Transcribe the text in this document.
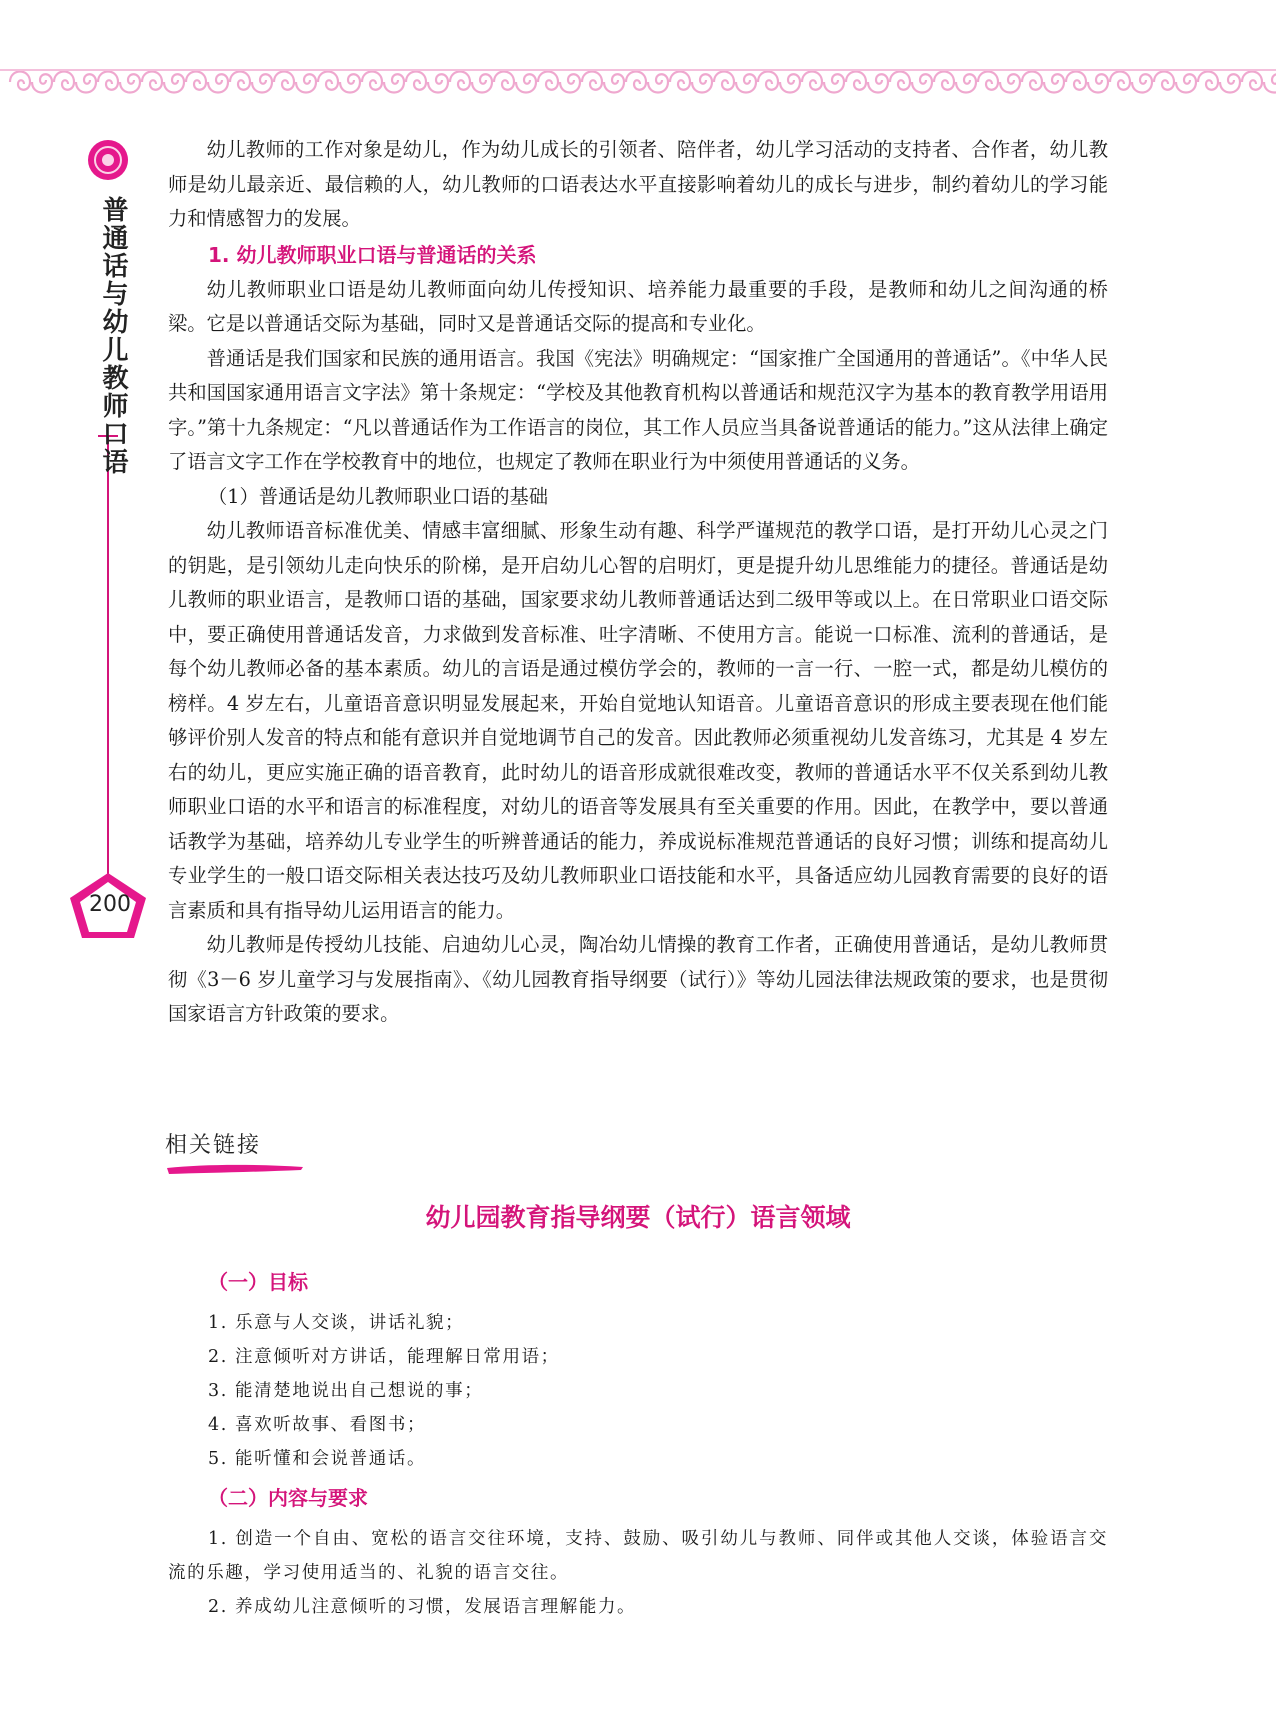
普通话与幼儿教师口语
200

幼儿教师的工作对象是幼儿，作为幼儿成长的引领者、陪伴者，幼儿学习活动的支持者、合作者，幼儿教师是幼儿最亲近、最信赖的人，幼儿教师的口语表达水平直接影响着幼儿的成长与进步，制约着幼儿的学习能力和情感智力的发展。

1. 幼儿教师职业口语与普通话的关系

幼儿教师职业口语是幼儿教师面向幼儿传授知识、培养能力最重要的手段，是教师和幼儿之间沟通的桥梁。它是以普通话交际为基础，同时又是普通话交际的提高和专业化。

普通话是我们国家和民族的通用语言。我国《宪法》明确规定：“国家推广全国通用的普通话”。《中华人民共和国国家通用语言文字法》第十条规定：“学校及其他教育机构以普通话和规范汉字为基本的教育教学用语用字。”第十九条规定：“凡以普通话作为工作语言的岗位，其工作人员应当具备说普通话的能力。”这从法律上确定了语言文字工作在学校教育中的地位，也规定了教师在职业行为中须使用普通话的义务。

（1）普通话是幼儿教师职业口语的基础

幼儿教师语音标准优美、情感丰富细腻、形象生动有趣、科学严谨规范的教学口语，是打开幼儿心灵之门的钥匙，是引领幼儿走向快乐的阶梯，是开启幼儿心智的启明灯，更是提升幼儿思维能力的捷径。普通话是幼儿教师的职业语言，是教师口语的基础，国家要求幼儿教师普通话达到二级甲等或以上。在日常职业口语交际中，要正确使用普通话发音，力求做到发音标准、吐字清晰、不使用方言。能说一口标准、流利的普通话，是每个幼儿教师必备的基本素质。幼儿的言语是通过模仿学会的，教师的一言一行、一腔一式，都是幼儿模仿的榜样。4 岁左右，儿童语音意识明显发展起来，开始自觉地认知语音。儿童语音意识的形成主要表现在他们能够评价别人发音的特点和能有意识并自觉地调节自己的发音。因此教师必须重视幼儿发音练习，尤其是 4 岁左右的幼儿，更应实施正确的语音教育，此时幼儿的语音形成就很难改变，教师的普通话水平不仅关系到幼儿教师职业口语的水平和语言的标准程度，对幼儿的语音等发展具有至关重要的作用。因此，在教学中，要以普通话教学为基础，培养幼儿专业学生的听辨普通话的能力，养成说标准规范普通话的良好习惯；训练和提高幼儿专业学生的一般口语交际相关表达技巧及幼儿教师职业口语技能和水平，具备适应幼儿园教育需要的良好的语言素质和具有指导幼儿运用语言的能力。

幼儿教师是传授幼儿技能、启迪幼儿心灵，陶冶幼儿情操的教育工作者，正确使用普通话，是幼儿教师贯彻《3－6 岁儿童学习与发展指南》、《幼儿园教育指导纲要（试行）》等幼儿园法律法规政策的要求，也是贯彻国家语言方针政策的要求。

相关链接

幼儿园教育指导纲要（试行）语言领域

（一）目标

1. 乐意与人交谈，讲话礼貌；

2. 注意倾听对方讲话，能理解日常用语；

3. 能清楚地说出自己想说的事；

4. 喜欢听故事、看图书；

5. 能听懂和会说普通话。

（二）内容与要求

1. 创造一个自由、宽松的语言交往环境，支持、鼓励、吸引幼儿与教师、同伴或其他人交谈，体验语言交流的乐趣，学习使用适当的、礼貌的语言交往。

2. 养成幼儿注意倾听的习惯，发展语言理解能力。
